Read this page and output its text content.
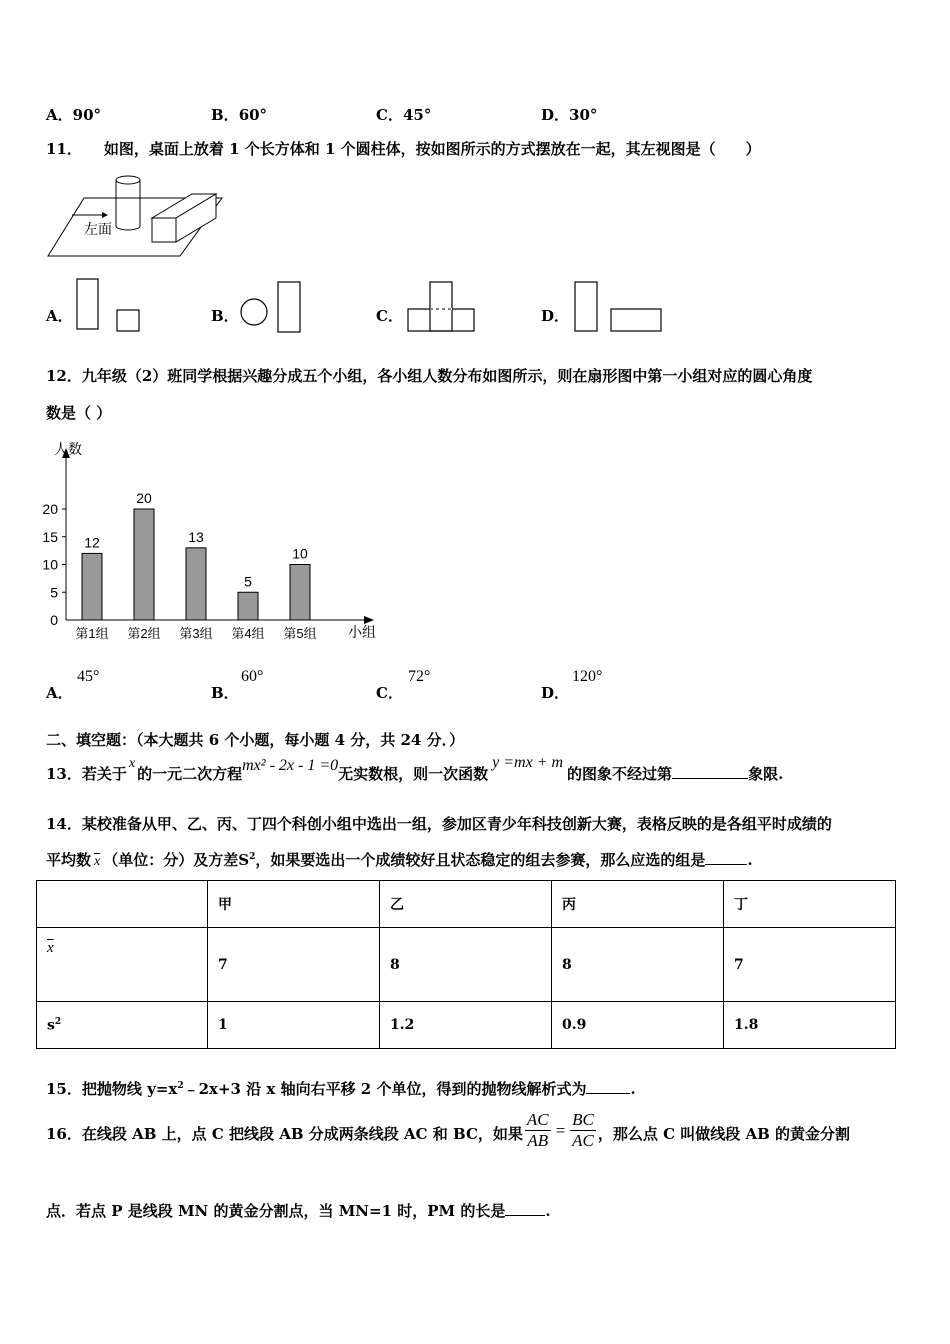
A．90°	B．60°	C．45°	D．30°
11． 如图，桌面上放着 1 个长方体和 1 个圆柱体，按如图所示的方式摆放在一起，其左视图是（　　）
左面
A．	B．	C．	D．
12．九年级（2）班同学根据兴趣分成五个小组，各小组人数分布如图所示，则在扇形图中第一小组对应的圆心角度
数是（ ）
人数
小组
0
5
10
15
20
12
第1组
20
第2组
13
第3组
5
第4组
10
第5组
A．
45°
B．
60°
C．
72°
D．
120°
二、填空题：（本大题共 6 个小题，每小题 4 分，共 24 分．）
13．若关于x的一元二次方程mx² - 2x - 1 =0无实数根，则一次函数y =mx + m的图象不经过第	象限.
14．某校准备从甲、乙、丙、丁四个科创小组中选出一组，参加区青少年科技创新大赛，表格反映的是各组平时成绩的
平均数 $\overline{x}$ （单位：分）及方差$S^2$，如果要选出一个成绩较好且状态稳定的组去参赛，那么应选的组是	.
	甲	乙	丙	丁
$\overline{x}$	7	8	8	7
$s^2$	1	1.2	0.9	1.8
15．把抛物线 $y=x^2﹣2x+3$ 沿 x 轴向右平移 2 个单位，得到的抛物线解析式为	.
16．在线段 AB 上，点 C 把线段 AB 分成两条线段 AC 和 BC，如果 $\frac{AC}{AB} = \frac{BC}{AC}$ ，那么点 C 叫做线段 AB 的黄金分割
点．若点 P 是线段 MN 的黄金分割点，当 MN=1 时，PM 的长是	.
